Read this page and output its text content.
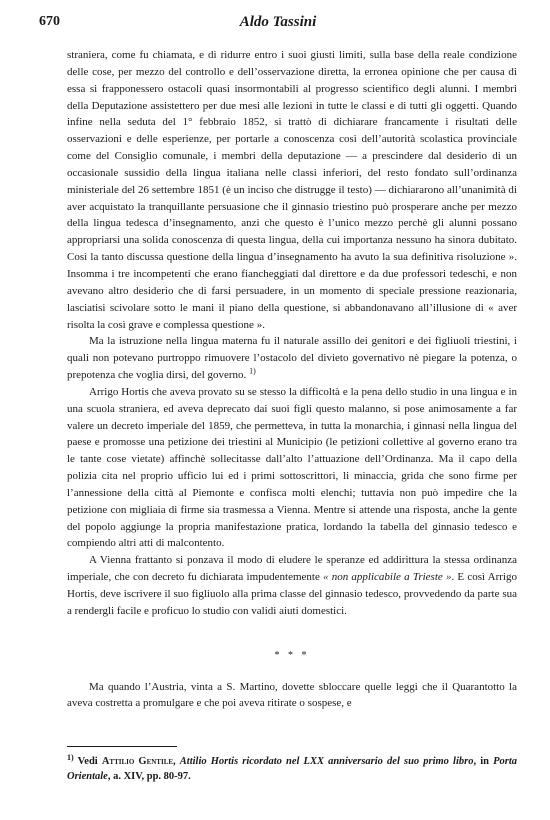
670	Aldo Tassini

straniera, come fu chiamata, e di ridurre entro i suoi giusti limiti, sulla base della reale condizione delle cose, per mezzo del controllo e dell’osservazione diretta, la erronea opinione che per causa di essa si frapponessero ostacoli quasi insormontabili al progresso scientifico degli alunni. I membri della Deputazione assistettero per due mesi alle lezioni in tutte le classi e di tutti gli oggetti. Quando infine nella seduta del 1° febbraio 1852, si trattò di dichiarare francamente i risultati delle osservazioni e delle esperienze, per portarle a conoscenza così dell’autorità scolastica provinciale come del Consiglio comunale, i membri della deputazione — a prescindere dal desiderio di un occasionale sussidio della lingua italiana nelle classi inferiori, del resto fondato sull’ordinanza ministeriale del 26 settembre 1851 (è un inciso che distrugge il testo) — dichiararono all’unanimità di aver acquistato la tranquillante persuasione che il ginnasio triestino può prosperare anche per mezzo della lingua tedesca d’insegnamento, anzi che questo è l’unico mezzo perchè gli alunni possano appropriarsi una solida conoscenza di questa lingua, della cui importanza nessuno ha sinora dubitato. Così la tanto discussa questione della lingua d’insegnamento ha avuto la sua definitiva risoluzione ». Insomma i tre incompetenti che erano fiancheggiati dal direttore e da due professori tedeschi, e non avevano altro desiderio che di farsi persuadere, in un momento di speciale pressione reazionaria, lasciatisi scivolare sotto le mani il piano della questione, si abbandonavano all’illusione di « aver risolta la così grave e complessa questione ».

Ma la istruzione nella lingua materna fu il naturale assillo dei genitori e dei figliuoli triestini, i quali non potevano purtroppo rimuovere l’ostacolo del divieto governativo nè piegare la potenza, o prepotenza che voglia dirsi, del governo. $^{1)}$

Arrigo Hortis che aveva provato su se stesso la difficoltà e la pena dello studio in una lingua e in una scuola straniera, ed aveva deprecato dai suoi figli questo malanno, si pose animosamente a far valere un decreto imperiale del 1859, che permetteva, in tutta la monarchia, i ginnasi nella lingua del paese e promosse una petizione dei triestini al Municipio (le petizioni collettive al governo erano tra le tante cose vietate) affinchè sollecitasse dall’alto l’attuazione dell’Ordinanza. Ma il capo della polizia cita nel proprio ufficio lui ed i primi sottoscrittori, li minaccia, grida che sono firme per l’annessione della città al Piemonte e confisca molti elenchi; tuttavia non può impedire che la petizione con migliaia di firme sia trasmessa a Vienna. Mentre si attende una risposta, anche la gente del popolo aggiunge la propria manifestazione pratica, lordando la tabella del ginnasio tedesco e compiendo altri atti di malcontento.

A Vienna frattanto si ponzava il modo di eludere le speranze ed addirittura la stessa ordinanza imperiale, che con decreto fu dichiarata impudentemente « non applicabile a Trieste ». E così Arrigo Hortis, deve iscrivere il suo figliuolo alla prima classe del ginnasio tedesco, provvedendo da parte sua a rendergli facile e proficuo lo studio con validi aiuti domestici.

* * *

Ma quando l’Austria, vinta a S. Martino, dovette sbloccare quelle leggi che il Quarantotto la aveva costretta a promulgare e che poi aveva ritirate o sospese, e

$^{1)}$ Vedi Attilio Gentile, Attilio Hortis ricordato nel LXX anniversario del suo primo libro, in Porta Orientale, a. XIV, pp. 80-97.
